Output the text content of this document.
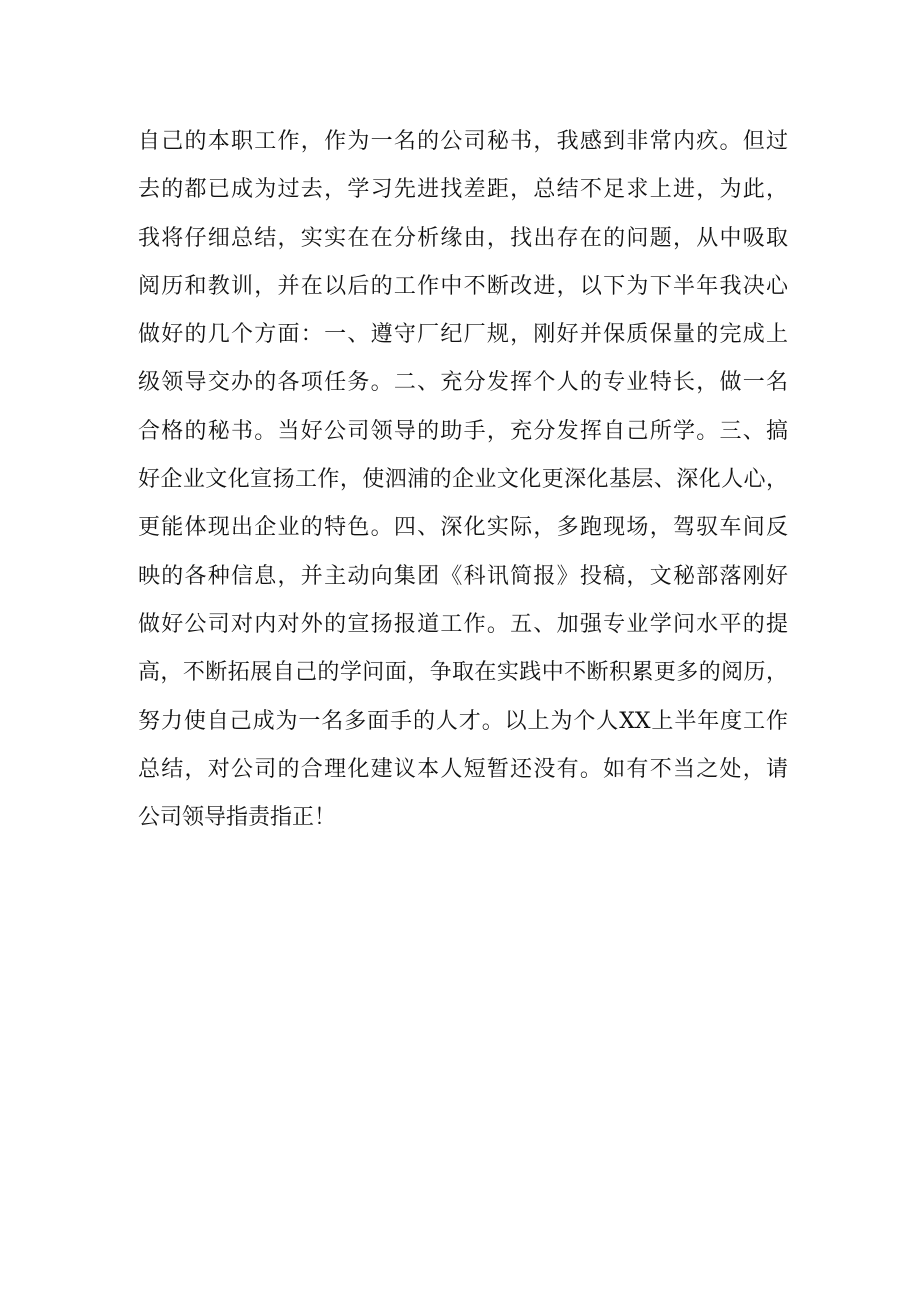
自己的本职工作，作为一名的公司秘书，我感到非常内疚。但过
去的都已成为过去，学习先进找差距，总结不足求上进，为此，
我将仔细总结，实实在在分析缘由，找出存在的问题，从中吸取
阅历和教训，并在以后的工作中不断改进，以下为下半年我决心
做好的几个方面：一、遵守厂纪厂规，刚好并保质保量的完成上
级领导交办的各项任务。二、充分发挥个人的专业特长，做一名
合格的秘书。当好公司领导的助手，充分发挥自己所学。三、搞
好企业文化宣扬工作，使泗浦的企业文化更深化基层、深化人心，
更能体现出企业的特色。四、深化实际，多跑现场，驾驭车间反
映的各种信息，并主动向集团《科讯简报》投稿，文秘部落刚好
做好公司对内对外的宣扬报道工作。五、加强专业学问水平的提
高，不断拓展自己的学问面，争取在实践中不断积累更多的阅历，
努力使自己成为一名多面手的人才。以上为个人XX上半年度工作
总结，对公司的合理化建议本人短暂还没有。如有不当之处，请
公司领导指责指正！
